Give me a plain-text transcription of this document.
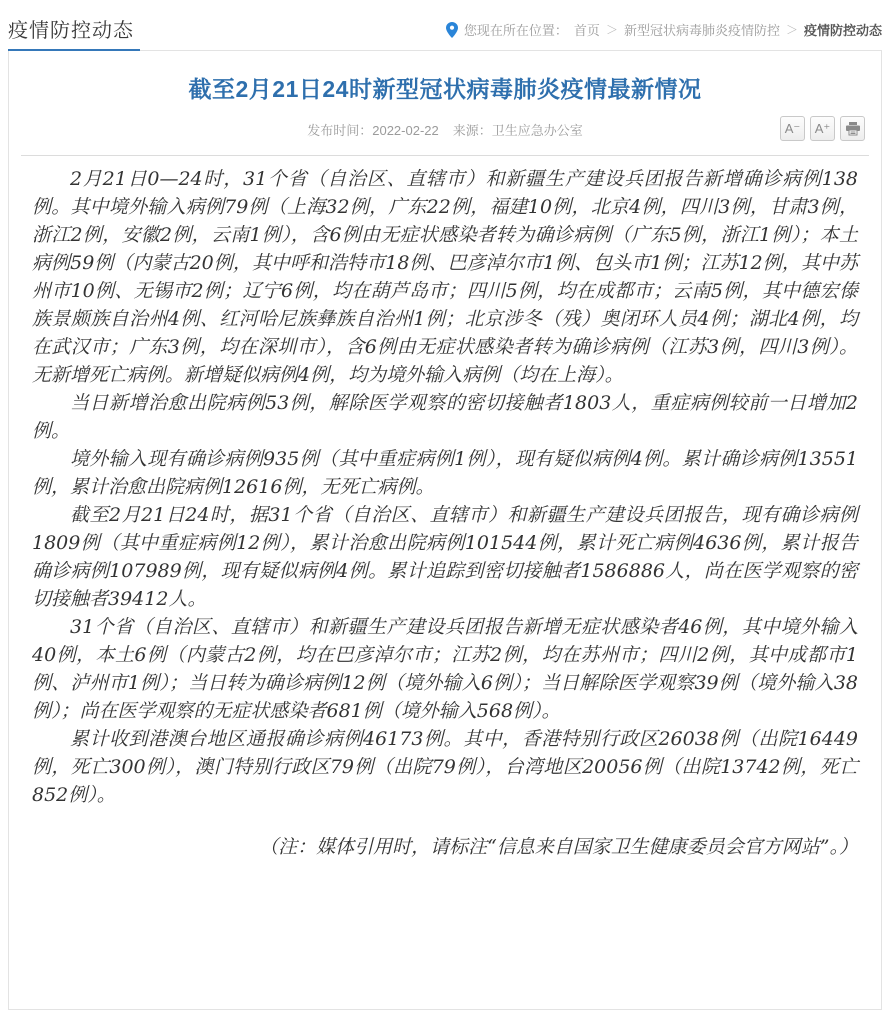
疫情防控动态	您现在所在位置： 首页 ＞ 新型冠状病毒肺炎疫情防控 ＞ 疫情防控动态
截至2月21日24时新型冠状病毒肺炎疫情最新情况
发布时间：2022-02-22 来源：卫生应急办公室	A⁻	A⁺

2月21日0—24时，31个省（自治区、直辖市）和新疆生产建设兵团报告新增确诊病例138例。其中境外输入病例79例（上海32例，广东22例，福建10例，北京4例，四川3例，甘肃3例，浙江2例，安徽2例，云南1例），含6例由无症状感染者转为确诊病例（广东5例，浙江1例）；本土病例59例（内蒙古20例，其中呼和浩特市18例、巴彦淖尔市1例、包头市1例；江苏12例，其中苏州市10例、无锡市2例；辽宁6例，均在葫芦岛市；四川5例，均在成都市；云南5例，其中德宏傣族景颇族自治州4例、红河哈尼族彝族自治州1例；北京涉冬（残）奥闭环人员4例；湖北4例，均在武汉市；广东3例，均在深圳市），含6例由无症状感染者转为确诊病例（江苏3例，四川3例）。无新增死亡病例。新增疑似病例4例，均为境外输入病例（均在上海）。

当日新增治愈出院病例53例，解除医学观察的密切接触者1803人，重症病例较前一日增加2例。

境外输入现有确诊病例935例（其中重症病例1例），现有疑似病例4例。累计确诊病例13551例，累计治愈出院病例12616例，无死亡病例。

截至2月21日24时，据31个省（自治区、直辖市）和新疆生产建设兵团报告，现有确诊病例1809例（其中重症病例12例），累计治愈出院病例101544例，累计死亡病例4636例，累计报告确诊病例107989例，现有疑似病例4例。累计追踪到密切接触者1586886人，尚在医学观察的密切接触者39412人。

31个省（自治区、直辖市）和新疆生产建设兵团报告新增无症状感染者46例，其中境外输入40例，本土6例（内蒙古2例，均在巴彦淖尔市；江苏2例，均在苏州市；四川2例，其中成都市1例、泸州市1例）；当日转为确诊病例12例（境外输入6例）；当日解除医学观察39例（境外输入38例）；尚在医学观察的无症状感染者681例（境外输入568例）。

累计收到港澳台地区通报确诊病例46173例。其中，香港特别行政区26038例（出院16449例，死亡300例），澳门特别行政区79例（出院79例），台湾地区20056例（出院13742例，死亡852例）。

（注：媒体引用时，请标注“信息来自国家卫生健康委员会官方网站”。）
